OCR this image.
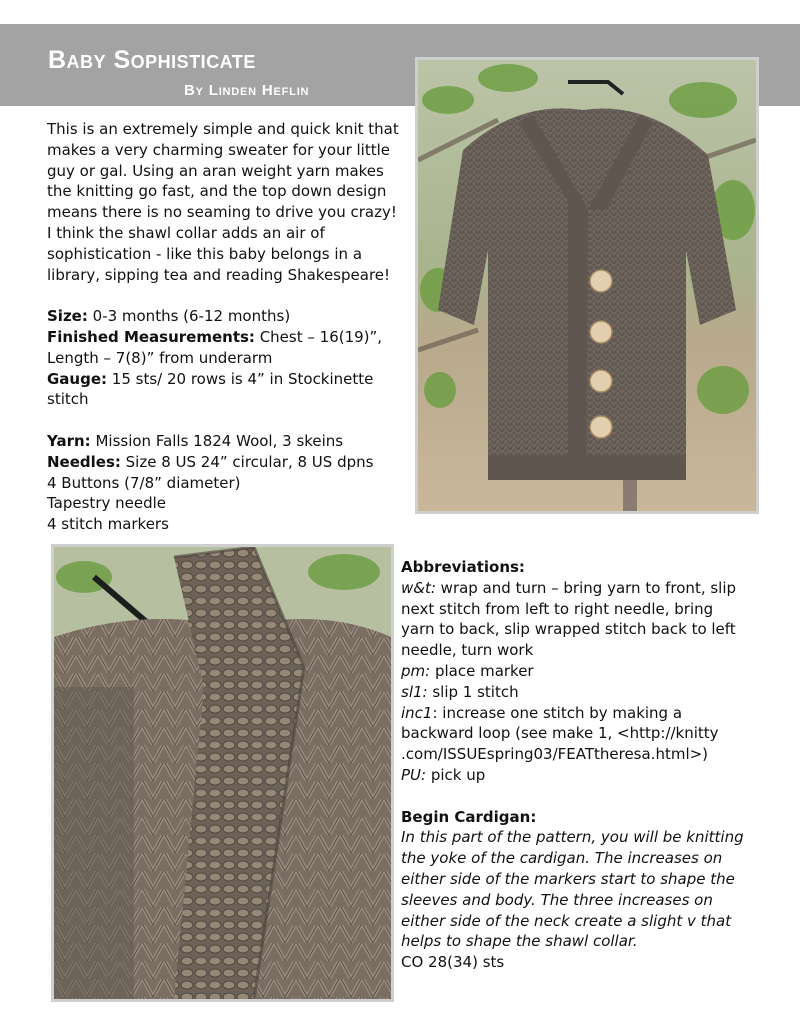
Baby Sophisticate
By Linden Heflin

This is an extremely simple and quick knit that

makes a very charming sweater for your little

guy or gal. Using an aran weight yarn makes

the knitting go fast, and the top down design

means there is no seaming to drive you crazy!

I think the shawl collar adds an air of

sophistication - like this baby belongs in a

library, sipping tea and reading Shakespeare!

Size: 0-3 months (6-12 months)

Finished Measurements: Chest – 16(19)”,

Length – 7(8)” from underarm

Gauge: 15 sts/ 20 rows is 4” in Stockinette

stitch

Yarn: Mission Falls 1824 Wool, 3 skeins

Needles: Size 8 US 24” circular, 8 US dpns

4 Buttons (7/8” diameter)

Tapestry needle

4 stitch markers

Abbreviations:

w&t: wrap and turn – bring yarn to front, slip

next stitch from left to right needle, bring

yarn to back, slip wrapped stitch back to left

needle, turn work

pm: place marker

sl1: slip 1 stitch

inc1: increase one stitch by making a

backward loop (see make 1, <http://knitty

.com/ISSUEspring03/FEATtheresa.html>)

PU: pick up

Begin Cardigan:

In this part of the pattern, you will be knitting

the yoke of the cardigan. The increases on

either side of the markers start to shape the

sleeves and body. The three increases on

either side of the neck create a slight v that

helps to shape the shawl collar.

CO 28(34) sts
